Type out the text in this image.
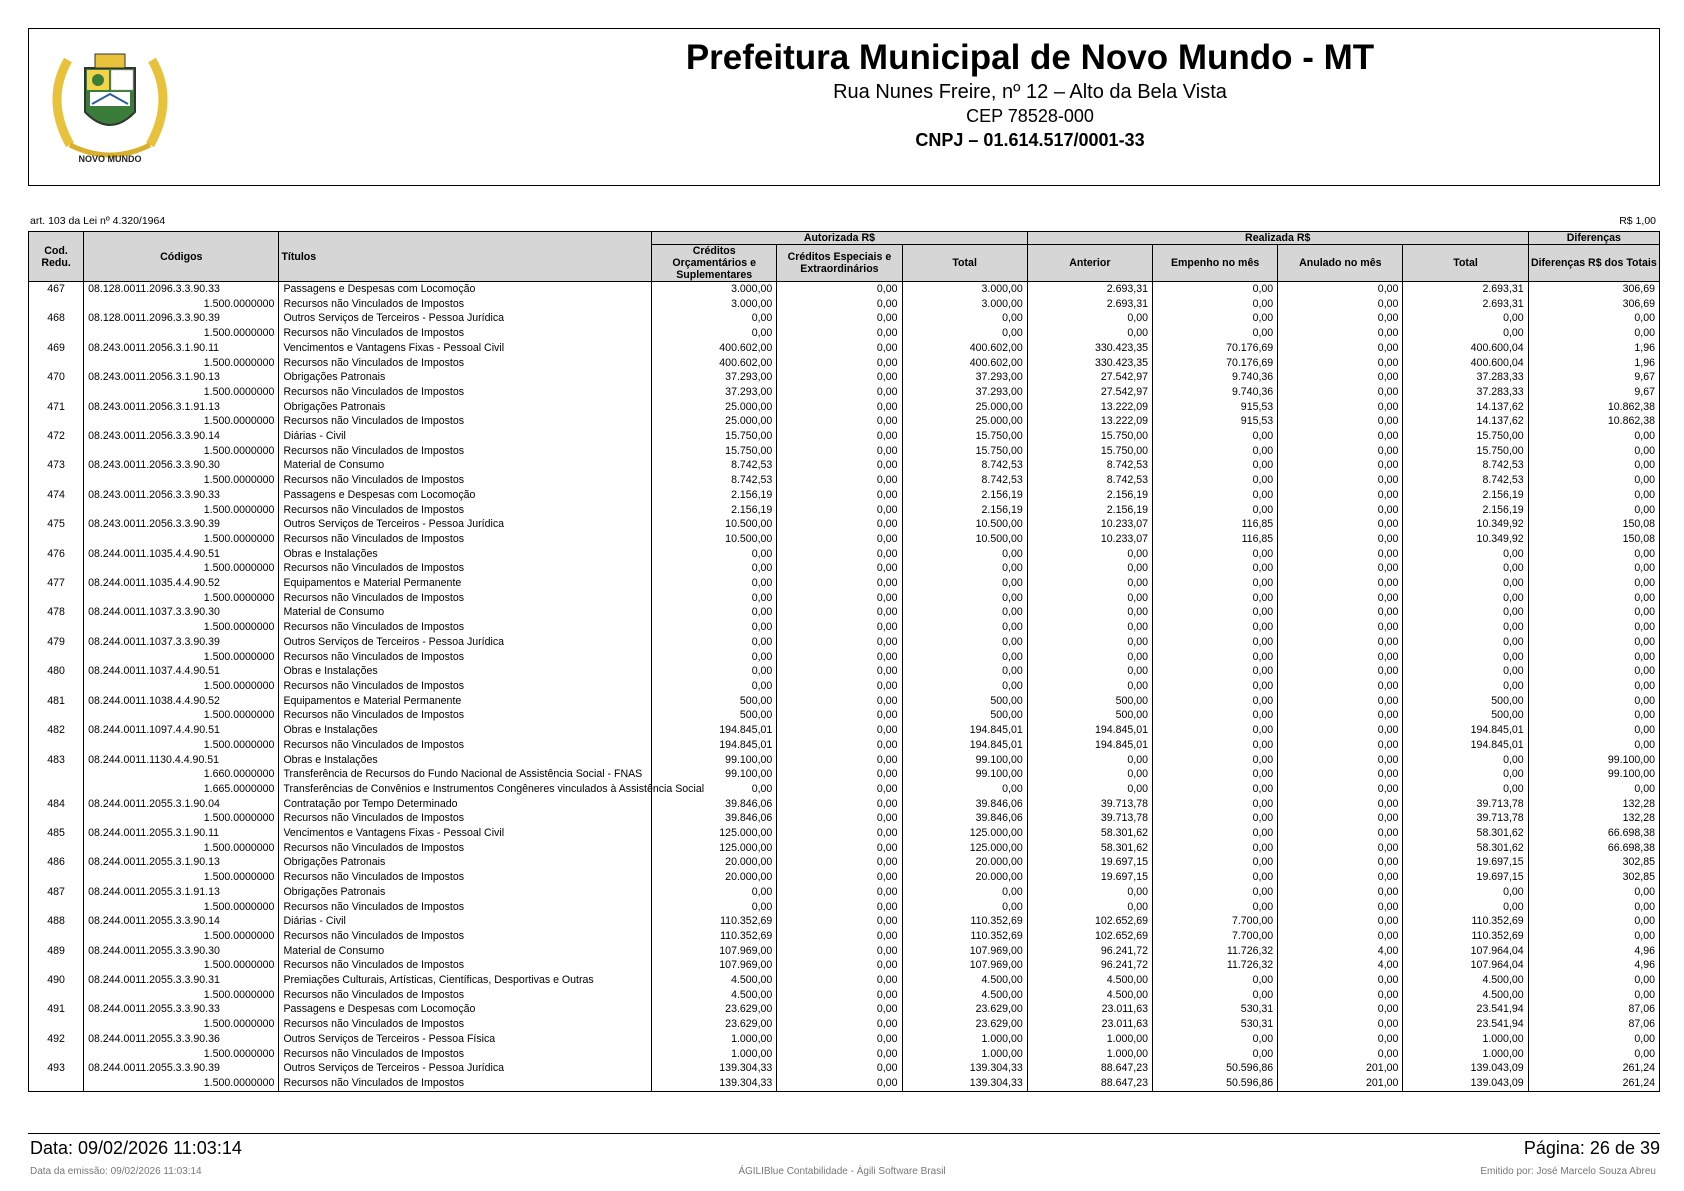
NOVO MUNDO
Prefeitura Municipal de Novo Mundo - MT
Rua Nunes Freire, nº 12 – Alto da Bela Vista
CEP 78528-000
CNPJ – 01.614.517/0001-33
art. 103 da Lei nº 4.320/1964	R$ 1,00
Cod. Redu.	Códigos	Títulos	Autorizada R$			Realizada R$				Diferenças
			Créditos Orçamentários e Suplementares	Créditos Especiais e Extraordinários	Total	Anterior	Empenho no mês	Anulado no mês	Total	Diferenças R$ dos Totais
467	08.128.0011.2096.3.3.90.33	Passagens e Despesas com Locomoção	3.000,00	0,00	3.000,00	2.693,31	0,00	0,00	2.693,31	306,69
	1.500.0000000	Recursos não Vinculados de Impostos	3.000,00	0,00	3.000,00	2.693,31	0,00	0,00	2.693,31	306,69
468	08.128.0011.2096.3.3.90.39	Outros Serviços de Terceiros - Pessoa Jurídica	0,00	0,00	0,00	0,00	0,00	0,00	0,00	0,00
	1.500.0000000	Recursos não Vinculados de Impostos	0,00	0,00	0,00	0,00	0,00	0,00	0,00	0,00
469	08.243.0011.2056.3.1.90.11	Vencimentos e Vantagens Fixas - Pessoal Civil	400.602,00	0,00	400.602,00	330.423,35	70.176,69	0,00	400.600,04	1,96
	1.500.0000000	Recursos não Vinculados de Impostos	400.602,00	0,00	400.602,00	330.423,35	70.176,69	0,00	400.600,04	1,96
470	08.243.0011.2056.3.1.90.13	Obrigações Patronais	37.293,00	0,00	37.293,00	27.542,97	9.740,36	0,00	37.283,33	9,67
	1.500.0000000	Recursos não Vinculados de Impostos	37.293,00	0,00	37.293,00	27.542,97	9.740,36	0,00	37.283,33	9,67
471	08.243.0011.2056.3.1.91.13	Obrigações Patronais	25.000,00	0,00	25.000,00	13.222,09	915,53	0,00	14.137,62	10.862,38
	1.500.0000000	Recursos não Vinculados de Impostos	25.000,00	0,00	25.000,00	13.222,09	915,53	0,00	14.137,62	10.862,38
472	08.243.0011.2056.3.3.90.14	Diárias - Civil	15.750,00	0,00	15.750,00	15.750,00	0,00	0,00	15.750,00	0,00
	1.500.0000000	Recursos não Vinculados de Impostos	15.750,00	0,00	15.750,00	15.750,00	0,00	0,00	15.750,00	0,00
473	08.243.0011.2056.3.3.90.30	Material de Consumo	8.742,53	0,00	8.742,53	8.742,53	0,00	0,00	8.742,53	0,00
	1.500.0000000	Recursos não Vinculados de Impostos	8.742,53	0,00	8.742,53	8.742,53	0,00	0,00	8.742,53	0,00
474	08.243.0011.2056.3.3.90.33	Passagens e Despesas com Locomoção	2.156,19	0,00	2.156,19	2.156,19	0,00	0,00	2.156,19	0,00
	1.500.0000000	Recursos não Vinculados de Impostos	2.156,19	0,00	2.156,19	2.156,19	0,00	0,00	2.156,19	0,00
475	08.243.0011.2056.3.3.90.39	Outros Serviços de Terceiros - Pessoa Jurídica	10.500,00	0,00	10.500,00	10.233,07	116,85	0,00	10.349,92	150,08
	1.500.0000000	Recursos não Vinculados de Impostos	10.500,00	0,00	10.500,00	10.233,07	116,85	0,00	10.349,92	150,08
476	08.244.0011.1035.4.4.90.51	Obras e Instalações	0,00	0,00	0,00	0,00	0,00	0,00	0,00	0,00
	1.500.0000000	Recursos não Vinculados de Impostos	0,00	0,00	0,00	0,00	0,00	0,00	0,00	0,00
477	08.244.0011.1035.4.4.90.52	Equipamentos e Material Permanente	0,00	0,00	0,00	0,00	0,00	0,00	0,00	0,00
	1.500.0000000	Recursos não Vinculados de Impostos	0,00	0,00	0,00	0,00	0,00	0,00	0,00	0,00
478	08.244.0011.1037.3.3.90.30	Material de Consumo	0,00	0,00	0,00	0,00	0,00	0,00	0,00	0,00
	1.500.0000000	Recursos não Vinculados de Impostos	0,00	0,00	0,00	0,00	0,00	0,00	0,00	0,00
479	08.244.0011.1037.3.3.90.39	Outros Serviços de Terceiros - Pessoa Jurídica	0,00	0,00	0,00	0,00	0,00	0,00	0,00	0,00
	1.500.0000000	Recursos não Vinculados de Impostos	0,00	0,00	0,00	0,00	0,00	0,00	0,00	0,00
480	08.244.0011.1037.4.4.90.51	Obras e Instalações	0,00	0,00	0,00	0,00	0,00	0,00	0,00	0,00
	1.500.0000000	Recursos não Vinculados de Impostos	0,00	0,00	0,00	0,00	0,00	0,00	0,00	0,00
481	08.244.0011.1038.4.4.90.52	Equipamentos e Material Permanente	500,00	0,00	500,00	500,00	0,00	0,00	500,00	0,00
	1.500.0000000	Recursos não Vinculados de Impostos	500,00	0,00	500,00	500,00	0,00	0,00	500,00	0,00
482	08.244.0011.1097.4.4.90.51	Obras e Instalações	194.845,01	0,00	194.845,01	194.845,01	0,00	0,00	194.845,01	0,00
	1.500.0000000	Recursos não Vinculados de Impostos	194.845,01	0,00	194.845,01	194.845,01	0,00	0,00	194.845,01	0,00
483	08.244.0011.1130.4.4.90.51	Obras e Instalações	99.100,00	0,00	99.100,00	0,00	0,00	0,00	0,00	99.100,00
	1.660.0000000	Transferência de Recursos do Fundo Nacional de Assistência Social - FNAS	99.100,00	0,00	99.100,00	0,00	0,00	0,00	0,00	99.100,00
	1.665.0000000	Transferências de Convênios e Instrumentos Congêneres vinculados à Assistência Social	0,00	0,00	0,00	0,00	0,00	0,00	0,00	0,00
484	08.244.0011.2055.3.1.90.04	Contratação por Tempo Determinado	39.846,06	0,00	39.846,06	39.713,78	0,00	0,00	39.713,78	132,28
	1.500.0000000	Recursos não Vinculados de Impostos	39.846,06	0,00	39.846,06	39.713,78	0,00	0,00	39.713,78	132,28
485	08.244.0011.2055.3.1.90.11	Vencimentos e Vantagens Fixas - Pessoal Civil	125.000,00	0,00	125.000,00	58.301,62	0,00	0,00	58.301,62	66.698,38
	1.500.0000000	Recursos não Vinculados de Impostos	125.000,00	0,00	125.000,00	58.301,62	0,00	0,00	58.301,62	66.698,38
486	08.244.0011.2055.3.1.90.13	Obrigações Patronais	20.000,00	0,00	20.000,00	19.697,15	0,00	0,00	19.697,15	302,85
	1.500.0000000	Recursos não Vinculados de Impostos	20.000,00	0,00	20.000,00	19.697,15	0,00	0,00	19.697,15	302,85
487	08.244.0011.2055.3.1.91.13	Obrigações Patronais	0,00	0,00	0,00	0,00	0,00	0,00	0,00	0,00
	1.500.0000000	Recursos não Vinculados de Impostos	0,00	0,00	0,00	0,00	0,00	0,00	0,00	0,00
488	08.244.0011.2055.3.3.90.14	Diárias - Civil	110.352,69	0,00	110.352,69	102.652,69	7.700,00	0,00	110.352,69	0,00
	1.500.0000000	Recursos não Vinculados de Impostos	110.352,69	0,00	110.352,69	102.652,69	7.700,00	0,00	110.352,69	0,00
489	08.244.0011.2055.3.3.90.30	Material de Consumo	107.969,00	0,00	107.969,00	96.241,72	11.726,32	4,00	107.964,04	4,96
	1.500.0000000	Recursos não Vinculados de Impostos	107.969,00	0,00	107.969,00	96.241,72	11.726,32	4,00	107.964,04	4,96
490	08.244.0011.2055.3.3.90.31	Premiações Culturais, Artísticas, Científicas, Desportivas e Outras	4.500,00	0,00	4.500,00	4.500,00	0,00	0,00	4.500,00	0,00
	1.500.0000000	Recursos não Vinculados de Impostos	4.500,00	0,00	4.500,00	4.500,00	0,00	0,00	4.500,00	0,00
491	08.244.0011.2055.3.3.90.33	Passagens e Despesas com Locomoção	23.629,00	0,00	23.629,00	23.011,63	530,31	0,00	23.541,94	87,06
	1.500.0000000	Recursos não Vinculados de Impostos	23.629,00	0,00	23.629,00	23.011,63	530,31	0,00	23.541,94	87,06
492	08.244.0011.2055.3.3.90.36	Outros Serviços de Terceiros - Pessoa Física	1.000,00	0,00	1.000,00	1.000,00	0,00	0,00	1.000,00	0,00
	1.500.0000000	Recursos não Vinculados de Impostos	1.000,00	0,00	1.000,00	1.000,00	0,00	0,00	1.000,00	0,00
493	08.244.0011.2055.3.3.90.39	Outros Serviços de Terceiros - Pessoa Jurídica	139.304,33	0,00	139.304,33	88.647,23	50.596,86	201,00	139.043,09	261,24
	1.500.0000000	Recursos não Vinculados de Impostos	139.304,33	0,00	139.304,33	88.647,23	50.596,86	201,00	139.043,09	261,24
Data: 09/02/2026 11:03:14	Página: 26 de 39
Data da emissão: 09/02/2026 11:03:14	ÁGILIBlue Contabilidade - Ágili Software Brasil	Emitido por: José Marcelo Souza Abreu
